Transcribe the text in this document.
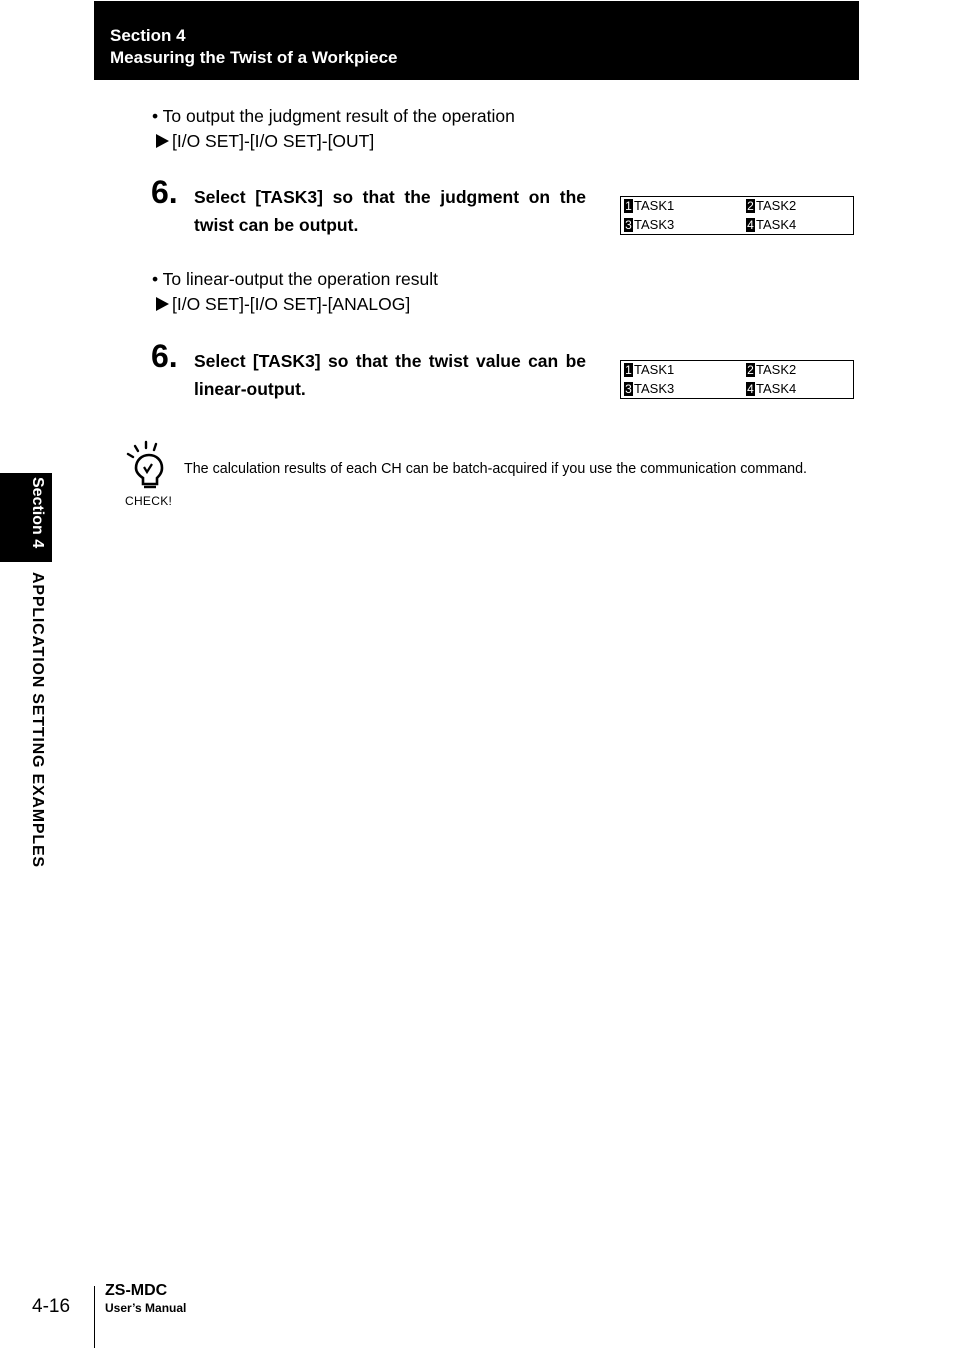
Section 4
Measuring the Twist of a Workpiece
• To output the judgment result of the operation
[I/O SET]-[I/O SET]-[OUT]
6. Select [TASK3] so that the judgment on the twist can be output.
1 TASK1	2 TASK2
3 TASK3	4 TASK4
• To linear-output the operation result
[I/O SET]-[I/O SET]-[ANALOG]
6. Select [TASK3] so that the twist value can be linear-output.
1 TASK1	2 TASK2
3 TASK3	4 TASK4
CHECK!
The calculation results of each CH can be batch-acquired if you use the communication command.
Section 4
APPLICATION SETTING EXAMPLES
4-16
ZS-MDC
User’s Manual
